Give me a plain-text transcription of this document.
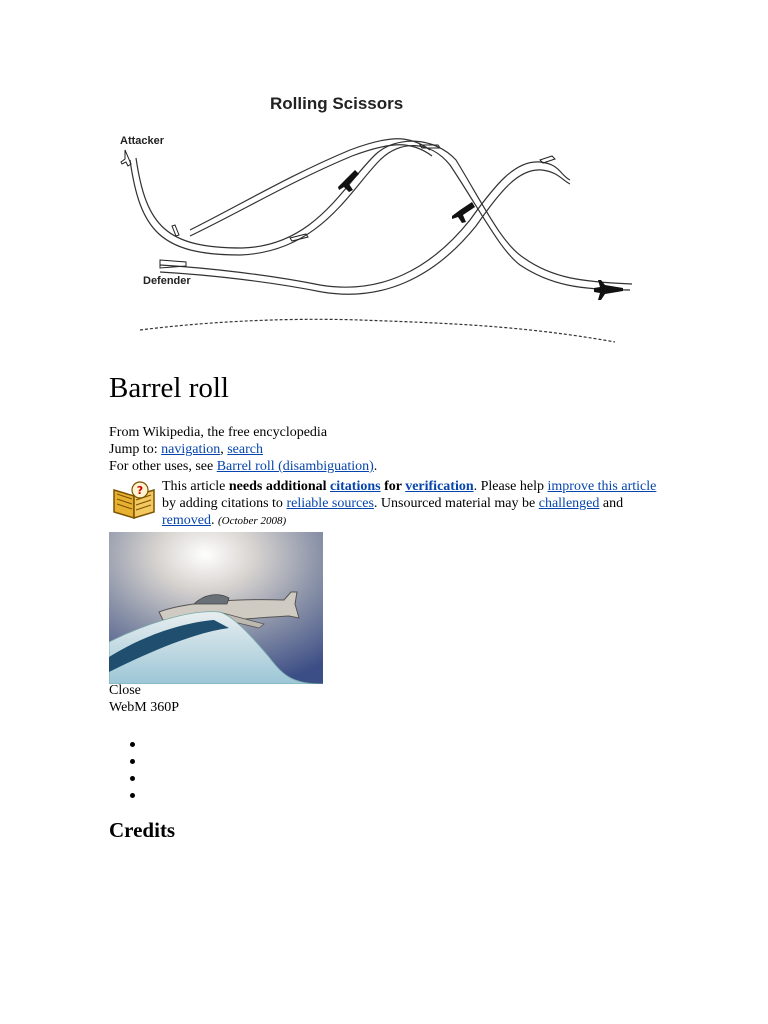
Rolling Scissors
Attacker
Defender
Barrel roll
From Wikipedia, the free encyclopedia
Jump to: navigation, search
For other uses, see Barrel roll (disambiguation).
? This article needs additional citations for verification. Please help improve this article by adding citations to reliable sources. Unsourced material may be challenged and removed. (October 2008)
Close
WebM 360P
Credits
